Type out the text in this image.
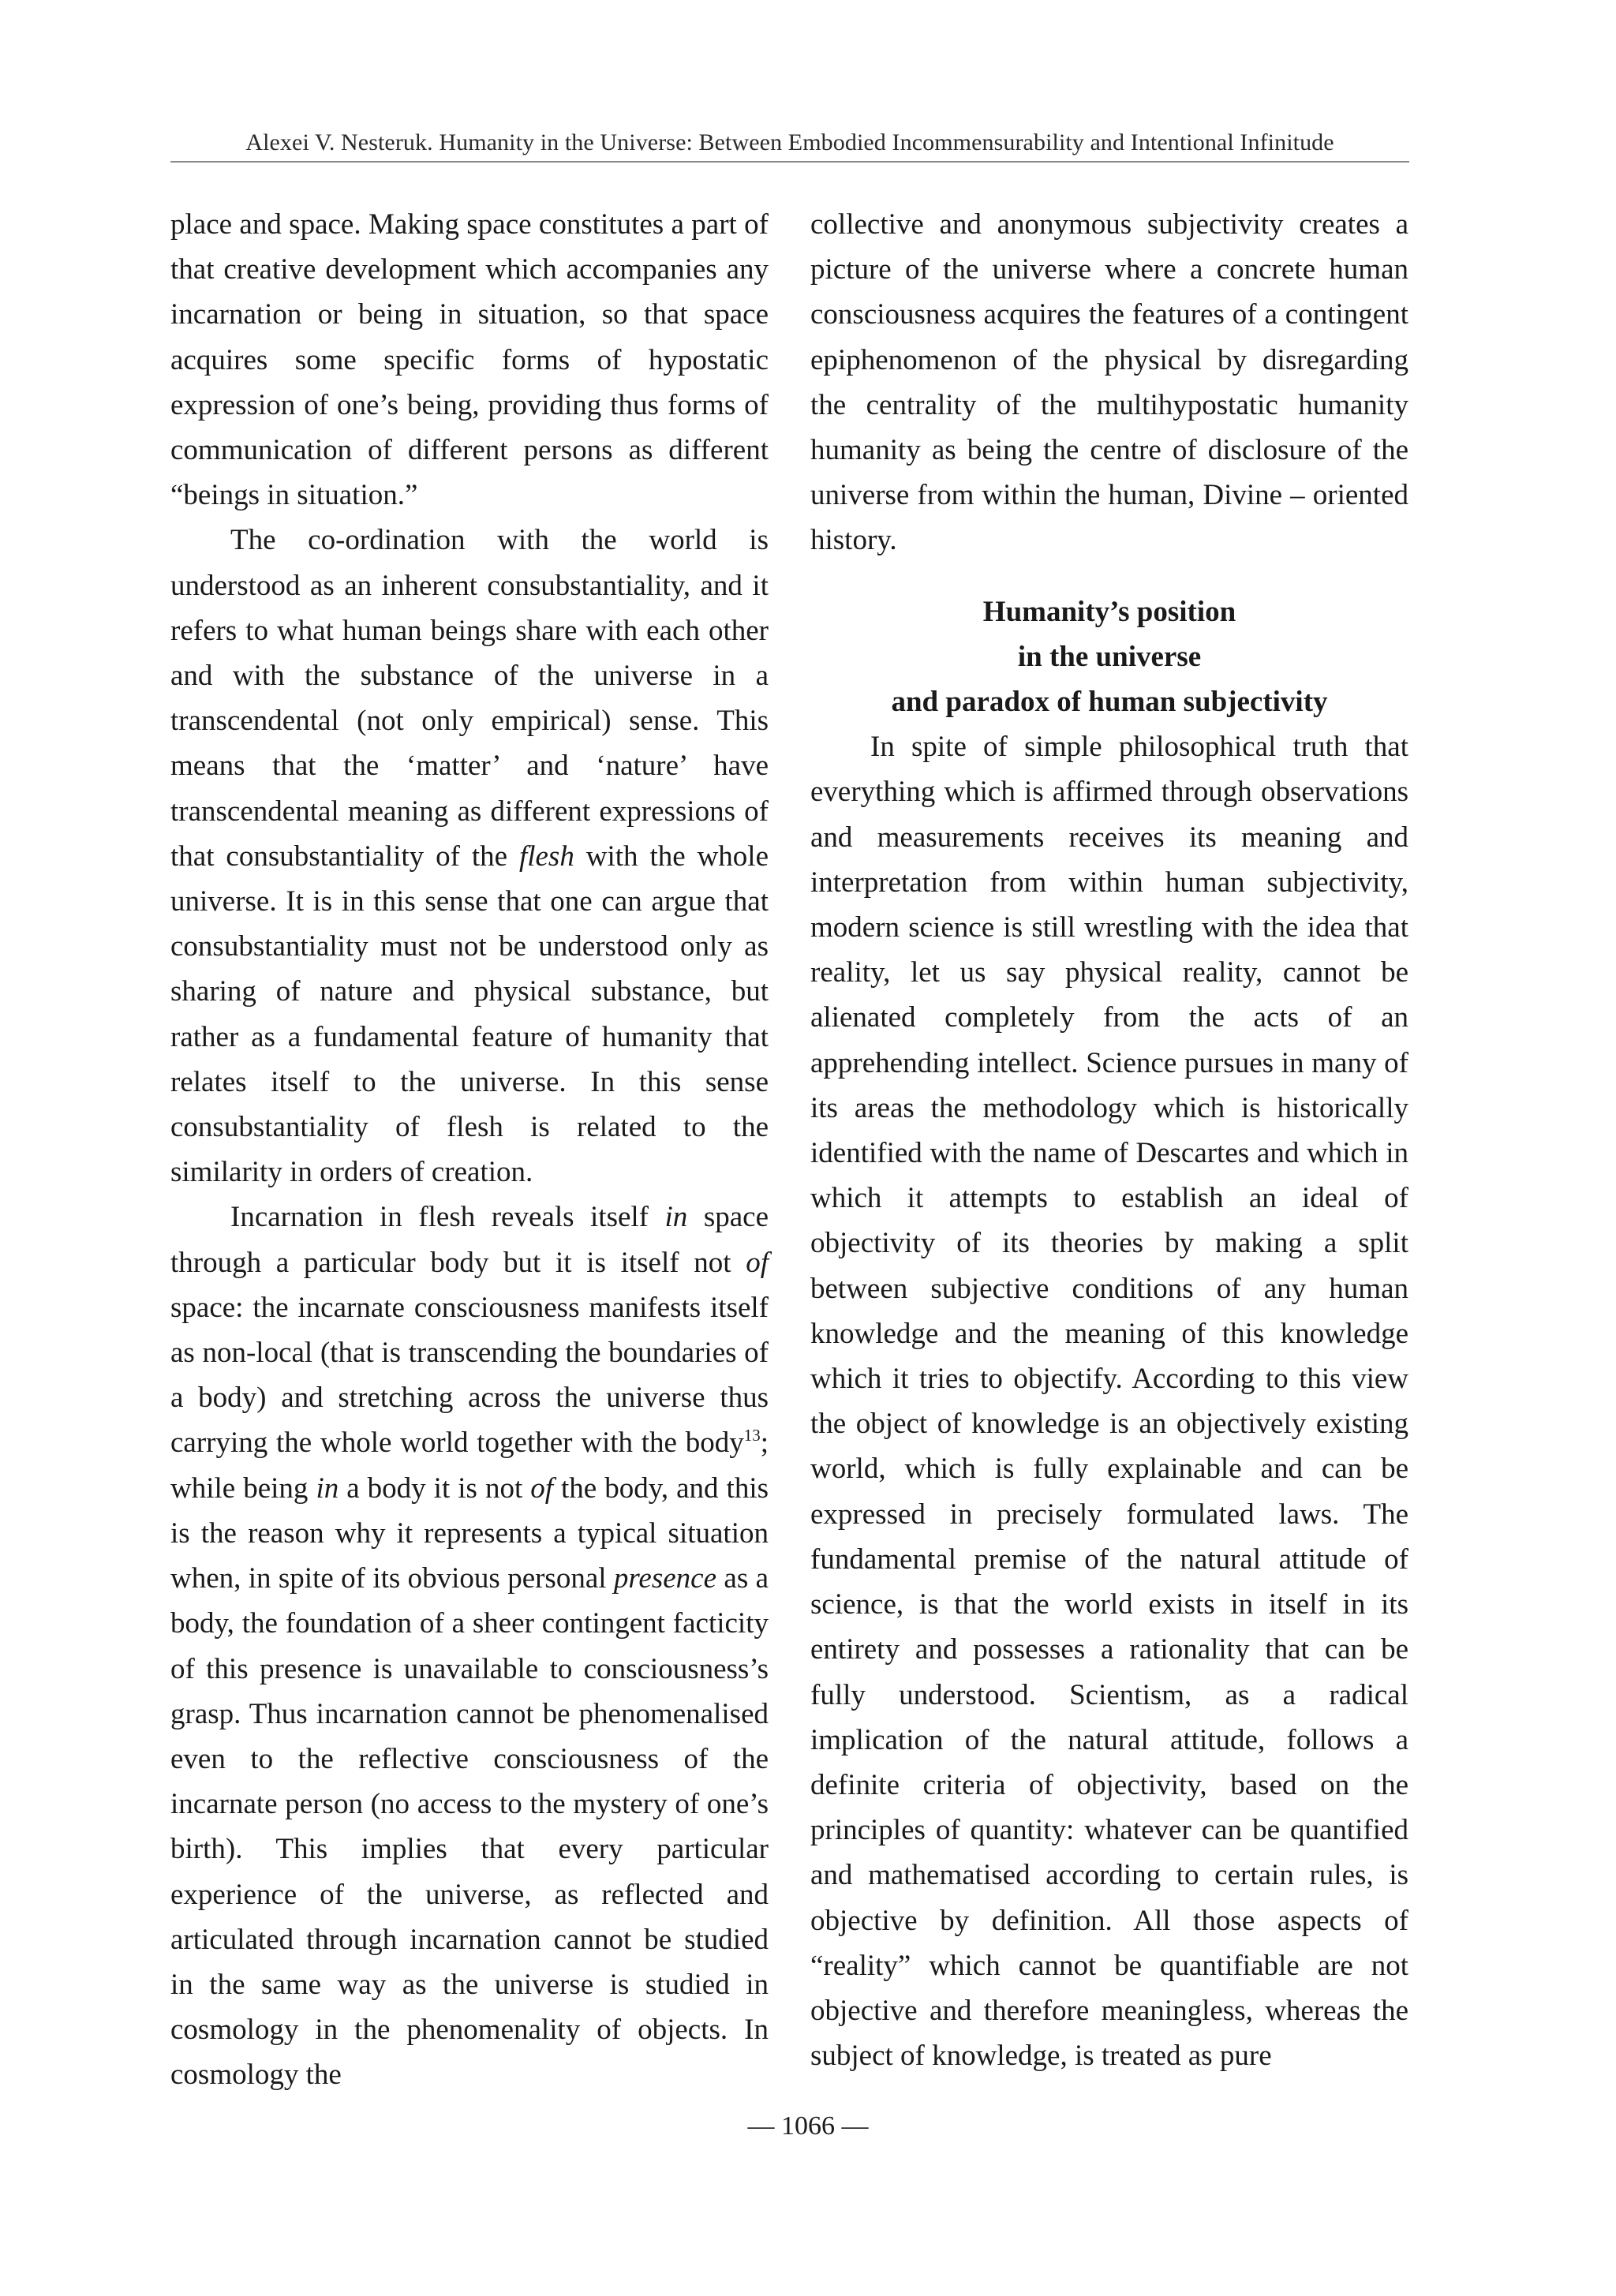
Alexei V. Nesteruk. Humanity in the Universe: Between Embodied Incommensurability and Intentional Infinitude

place and space. Making space constitutes a part of that creative development which accompanies any incarnation or being in situation, so that space acquires some specific forms of hypostatic expression of one’s being, providing thus forms of communication of different persons as different “beings in situation.”

The co-ordination with the world is understood as an inherent consubstantiality, and it refers to what human beings share with each other and with the substance of the universe in a transcendental (not only empirical) sense. This means that the ‘matter’ and ‘nature’ have transcendental meaning as different expressions of that consubstantiality of the flesh with the whole universe. It is in this sense that one can argue that consubstantiality must not be understood only as sharing of nature and physical substance, but rather as a fundamental feature of humanity that relates itself to the universe. In this sense consubstantiality of flesh is related to the similarity in orders of creation.

Incarnation in flesh reveals itself in space through a particular body but it is itself not of space: the incarnate consciousness manifests itself as non-local (that is transcending the boundaries of a body) and stretching across the universe thus carrying the whole world together with the body$^{13}$; while being in a body it is not of the body, and this is the reason why it represents a typical situation when, in spite of its obvious personal presence as a body, the foundation of a sheer contingent facticity of this presence is unavailable to consciousness’s grasp. Thus incarnation cannot be phenomenalised even to the reflective consciousness of the incarnate person (no access to the mystery of one’s birth). This implies that every particular experience of the universe, as reflected and articulated through incarnation cannot be studied in the same way as the universe is studied in cosmology in the phenomenality of objects. In cosmology the

collective and anonymous subjectivity creates a picture of the universe where a concrete human consciousness acquires the features of a contingent epiphenomenon of the physical by disregarding the centrality of the multihypostatic humanity humanity as being the centre of disclosure of the universe from within the human, Divine – oriented history.

Humanity’s position
in the universe
and paradox of human subjectivity

In spite of simple philosophical truth that everything which is affirmed through observations and measurements receives its meaning and interpretation from within human subjectivity, modern science is still wrestling with the idea that reality, let us say physical reality, cannot be alienated completely from the acts of an apprehending intellect. Science pursues in many of its areas the methodology which is historically identified with the name of Descartes and which in which it attempts to establish an ideal of objectivity of its theories by making a split between subjective conditions of any human knowledge and the meaning of this knowledge which it tries to objectify. According to this view the object of knowledge is an objectively existing world, which is fully explainable and can be expressed in precisely formulated laws. The fundamental premise of the natural attitude of science, is that the world exists in itself in its entirety and possesses a rationality that can be fully understood. Scientism, as a radical implication of the natural attitude, follows a definite criteria of objectivity, based on the principles of quantity: whatever can be quantified and mathematised according to certain rules, is objective by definition. All those aspects of “reality” which cannot be quantifiable are not objective and therefore meaningless, whereas the subject of knowledge, is treated as pure

— 1066 —
